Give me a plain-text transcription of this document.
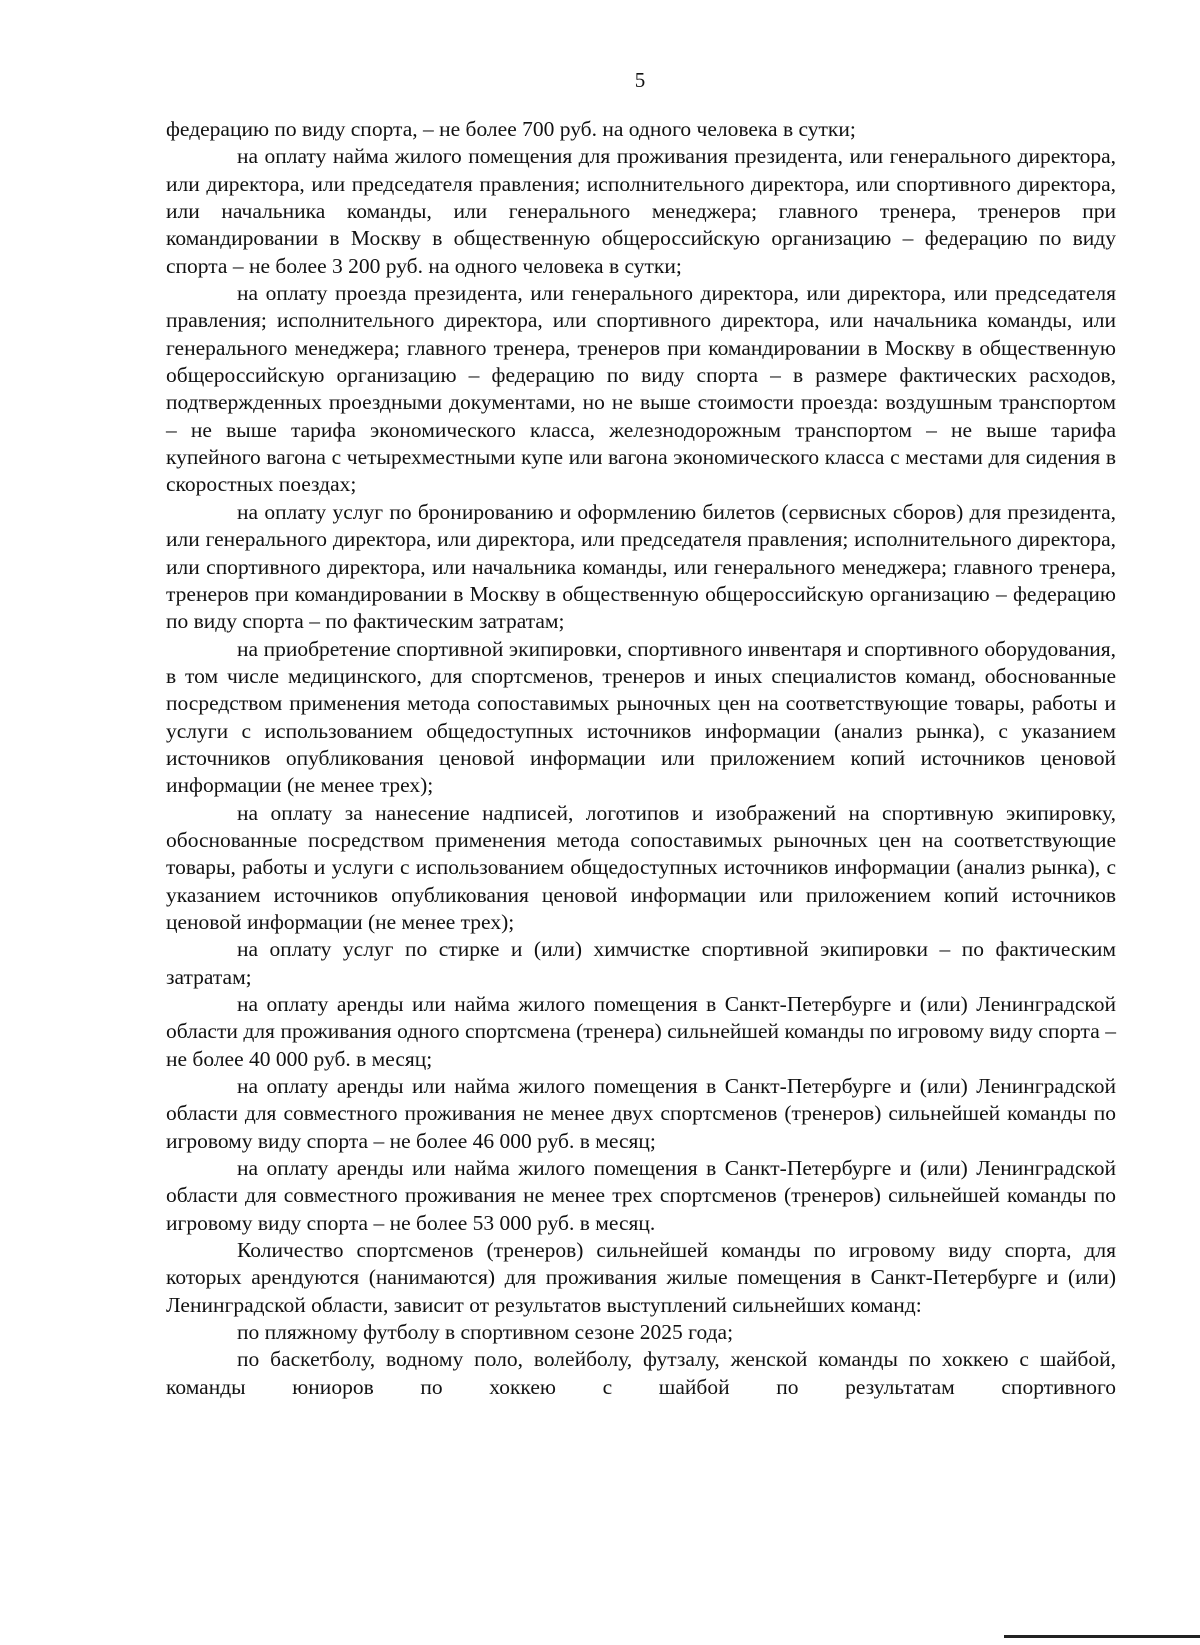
5

федерацию по виду спорта, – не более 700 руб. на одного человека в сутки;

на оплату найма жилого помещения для проживания президента, или генерального директора, или директора, или председателя правления; исполнительного директора, или спортивного директора, или начальника команды, или генерального менеджера; главного тренера, тренеров при командировании в Москву в общественную общероссийскую организацию – федерацию по виду спорта – не более 3 200 руб. на одного человека в сутки;

на оплату проезда президента, или генерального директора, или директора, или председателя правления; исполнительного директора, или спортивного директора, или начальника команды, или генерального менеджера; главного тренера, тренеров при командировании в Москву в общественную общероссийскую организацию – федерацию по виду спорта – в размере фактических расходов, подтвержденных проездными документами, но не выше стоимости проезда: воздушным транспортом – не выше тарифа экономического класса, железнодорожным транспортом – не выше тарифа купейного вагона с четырехместными купе или вагона экономического класса с местами для сидения в скоростных поездах;

на оплату услуг по бронированию и оформлению билетов (сервисных сборов) для президента, или генерального директора, или директора, или председателя правления; исполнительного директора, или спортивного директора, или начальника команды, или генерального менеджера; главного тренера, тренеров при командировании в Москву в общественную общероссийскую организацию – федерацию по виду спорта – по фактическим затратам;

на приобретение спортивной экипировки, спортивного инвентаря и спортивного оборудования, в том числе медицинского, для спортсменов, тренеров и иных специалистов команд, обоснованные посредством применения метода сопоставимых рыночных цен на соответствующие товары, работы и услуги с использованием общедоступных источников информации (анализ рынка), с указанием источников опубликования ценовой информации или приложением копий источников ценовой информации (не менее трех);

на оплату за нанесение надписей, логотипов и изображений на спортивную экипировку, обоснованные посредством применения метода сопоставимых рыночных цен на соответствующие товары, работы и услуги с использованием общедоступных источников информации (анализ рынка), с указанием источников опубликования ценовой информации или приложением копий источников ценовой информации (не менее трех);

на оплату услуг по стирке и (или) химчистке спортивной экипировки – по фактическим затратам;

на оплату аренды или найма жилого помещения в Санкт-Петербурге и (или) Ленинградской области для проживания одного спортсмена (тренера) сильнейшей команды по игровому виду спорта – не более 40 000 руб. в месяц;

на оплату аренды или найма жилого помещения в Санкт-Петербурге и (или) Ленинградской области для совместного проживания не менее двух спортсменов (тренеров) сильнейшей команды по игровому виду спорта – не более 46 000 руб. в месяц;

на оплату аренды или найма жилого помещения в Санкт-Петербурге и (или) Ленинградской области для совместного проживания не менее трех спортсменов (тренеров) сильнейшей команды по игровому виду спорта – не более 53 000 руб. в месяц.

Количество спортсменов (тренеров) сильнейшей команды по игровому виду спорта, для которых арендуются (нанимаются) для проживания жилые помещения в Санкт-Петербурге и (или) Ленинградской области, зависит от результатов выступлений сильнейших команд:

по пляжному футболу в спортивном сезоне 2025 года;

по баскетболу, водному поло, волейболу, футзалу, женской команды по хоккею с шайбой, команды юниоров по хоккею с шайбой по результатам спортивного
